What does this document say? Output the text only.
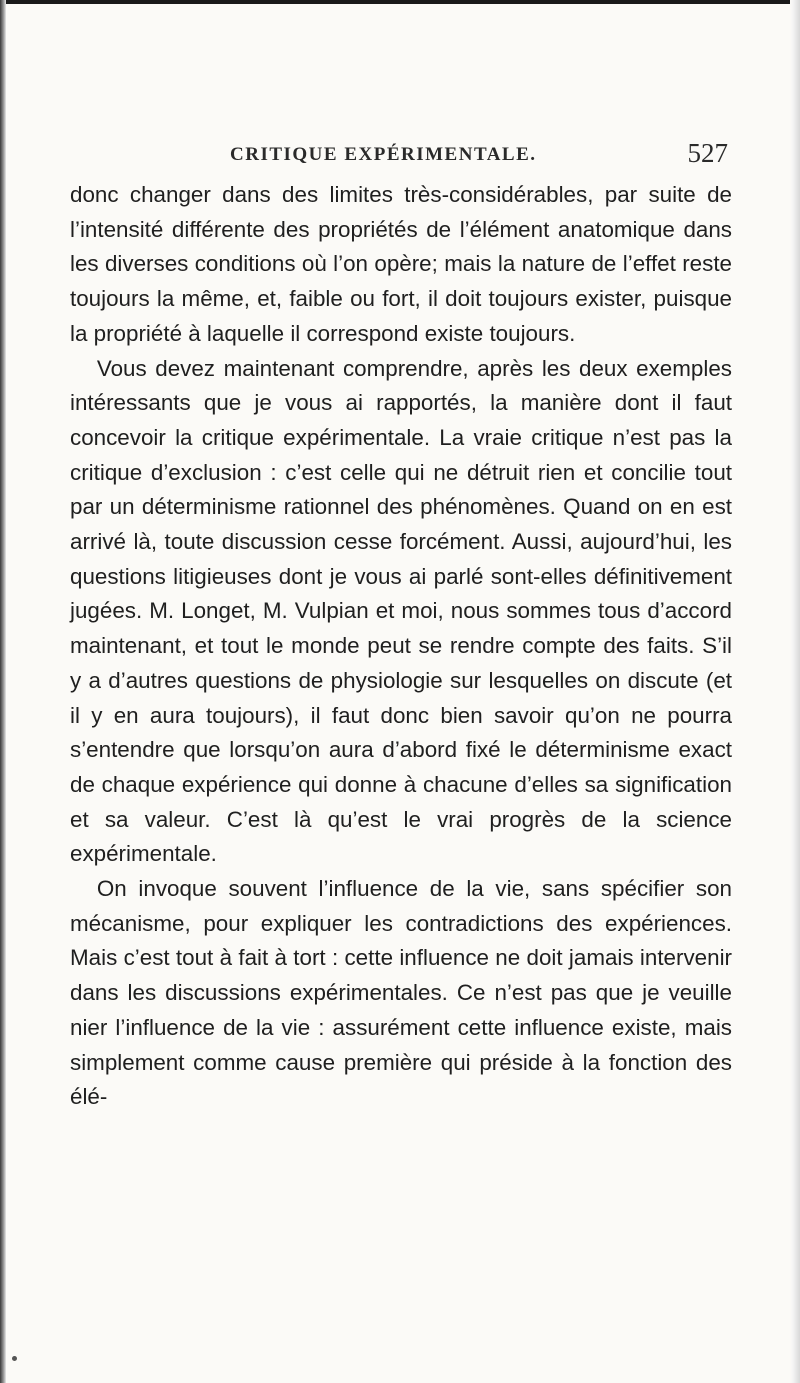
CRITIQUE EXPÉRIMENTALE.	527

donc changer dans des limites très-considérables, par suite de l’intensité différente des propriétés de l’élément anatomique dans les diverses conditions où l’on opère; mais la nature de l’effet reste toujours la même, et, faible ou fort, il doit toujours exister, puisque la propriété à laquelle il correspond existe toujours.

Vous devez maintenant comprendre, après les deux exemples intéressants que je vous ai rapportés, la manière dont il faut concevoir la critique expérimentale. La vraie critique n’est pas la critique d’exclusion : c’est celle qui ne détruit rien et concilie tout par un déterminisme rationnel des phénomènes. Quand on en est arrivé là, toute discussion cesse forcément. Aussi, aujourd’hui, les questions litigieuses dont je vous ai parlé sont-elles définitivement jugées. M. Longet, M. Vulpian et moi, nous sommes tous d’accord maintenant, et tout le monde peut se rendre compte des faits. S’il y a d’autres questions de physiologie sur lesquelles on discute (et il y en aura toujours), il faut donc bien savoir qu’on ne pourra s’entendre que lorsqu’on aura d’abord fixé le déterminisme exact de chaque expérience qui donne à chacune d’elles sa signification et sa valeur. C’est là qu’est le vrai progrès de la science expérimentale.

On invoque souvent l’influence de la vie, sans spécifier son mécanisme, pour expliquer les contradictions des expériences. Mais c’est tout à fait à tort : cette influence ne doit jamais intervenir dans les discussions expérimentales. Ce n’est pas que je veuille nier l’influence de la vie : assurément cette influence existe, mais simplement comme cause première qui préside à la fonction des élé-
